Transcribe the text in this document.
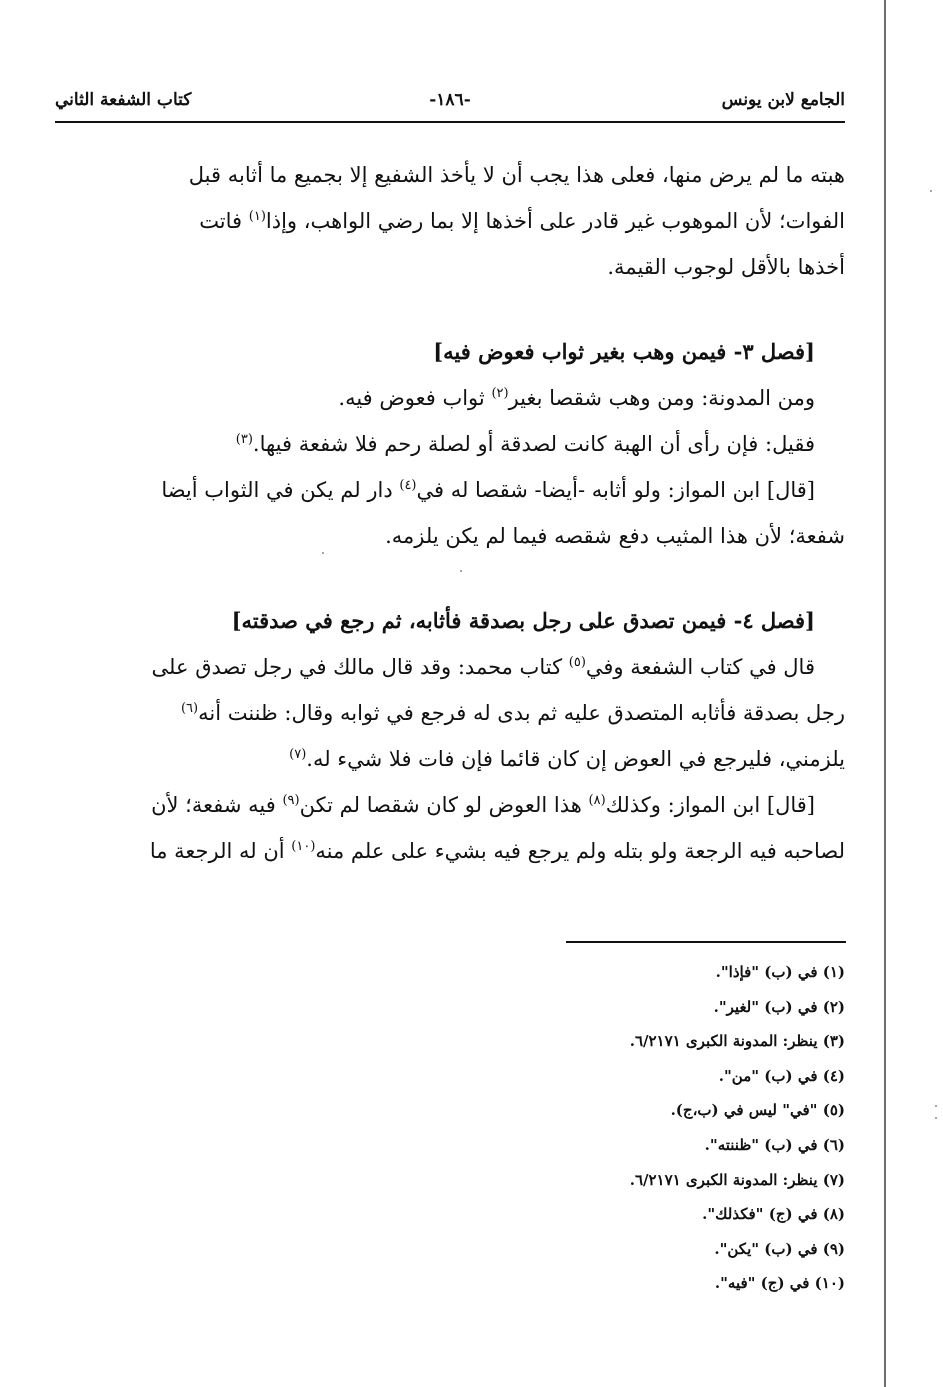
الجامع لابن يونس
-١٨٦-
كتاب الشفعة الثاني

هبته ما لم يرض منها، فعلى هذا يجب أن لا يأخذ الشفيع إلا بجميع ما أثابه قبل

الفوات؛ لأن الموهوب غير قادر على أخذها إلا بما رضي الواهب، وإذا$^{(١)}$ فاتت

أخذها بالأقل لوجوب القيمة.

[فصل ٣- فيمن وهب بغير ثواب فعوض فيه]

ومن المدونة: ومن وهب شقصا بغير$^{(٢)}$ ثواب فعوض فيه.

فقيل: فإن رأى أن الهبة كانت لصدقة أو لصلة رحم فلا شفعة فيها.$^{(٣)}$

[قال] ابن المواز: ولو أثابه -أيضا- شقصا له في$^{(٤)}$ دار لم يكن في الثواب أيضا

شفعة؛ لأن هذا المثيب دفع شقصه فيما لم يكن يلزمه.

[فصل ٤- فيمن تصدق على رجل بصدقة فأثابه، ثم رجع في صدقته]

قال في كتاب الشفعة وفي$^{(٥)}$ كتاب محمد: وقد قال مالك في رجل تصدق على

رجل بصدقة فأثابه المتصدق عليه ثم بدى له فرجع في ثوابه وقال: ظننت أنه$^{(٦)}$

يلزمني، فليرجع في العوض إن كان قائما فإن فات فلا شيء له.$^{(٧)}$

[قال] ابن المواز: وكذلك$^{(٨)}$ هذا العوض لو كان شقصا لم تكن$^{(٩)}$ فيه شفعة؛ لأن

لصاحبه فيه الرجعة ولو بتله ولم يرجع فيه بشيء على علم منه$^{(١٠)}$ أن له الرجعة ما

(١) في (ب) "فإذا".
(٢) في (ب) "لغير".
(٣) ينظر: المدونة الكبرى ٦/٢١٧١.
(٤) في (ب) "من".
(٥) "في" ليس في (ب،ج).
(٦) في (ب) "ظننته".
(٧) ينظر: المدونة الكبرى ٦/٢١٧١.
(٨) في (ج) "فكذلك".
(٩) في (ب) "يكن".
(١٠) في (ج) "فيه".
